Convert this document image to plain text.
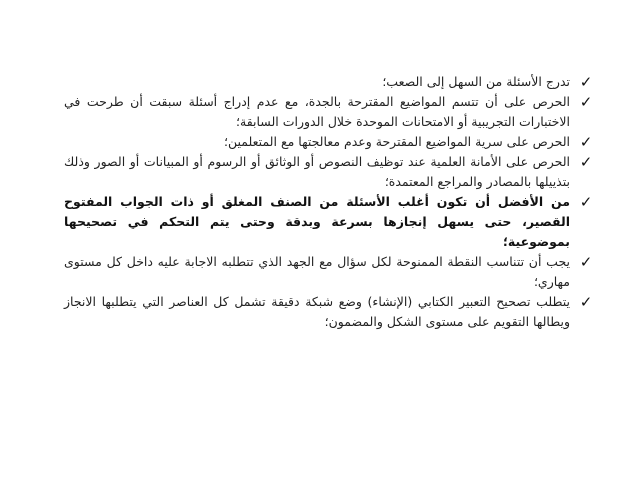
✓
تدرج الأسئلة من السهل إلى الصعب؛
✓
الحرص على أن تتسم المواضيع المقترحة بالجدة، مع عدم إدراج أسئلة سبقت أن طرحت في الاختبارات التجريبية أو الامتحانات الموحدة خلال الدورات السابقة؛
✓
الحرص على سرية المواضيع المقترحة وعدم معالجتها مع المتعلمين؛
✓
الحرص على الأمانة العلمية عند توظيف النصوص أو الوثائق أو الرسوم أو المبيانات أو الصور وذلك بتذييلها بالمصادر والمراجع المعتمدة؛
✓
من الأفضل أن تكون أغلب الأسئلة من الصنف المغلق أو ذات الجواب المفتوح القصير، حتى يسهل إنجازها بسرعة وبدقة وحتى يتم التحكم في تصحيحها بموضوعية؛
✓
يجب أن تتناسب النقطة الممنوحة لكل سؤال مع الجهد الذي تتطلبه الاجابة عليه داخل كل مستوى مهاري؛
✓
يتطلب تصحيح التعبير الكتابي (الإنشاء) وضع شبكة دقيقة تشمل كل العناصر التي يتطلبها الانجاز ويطالها التقويم على مستوى الشكل والمضمون؛
